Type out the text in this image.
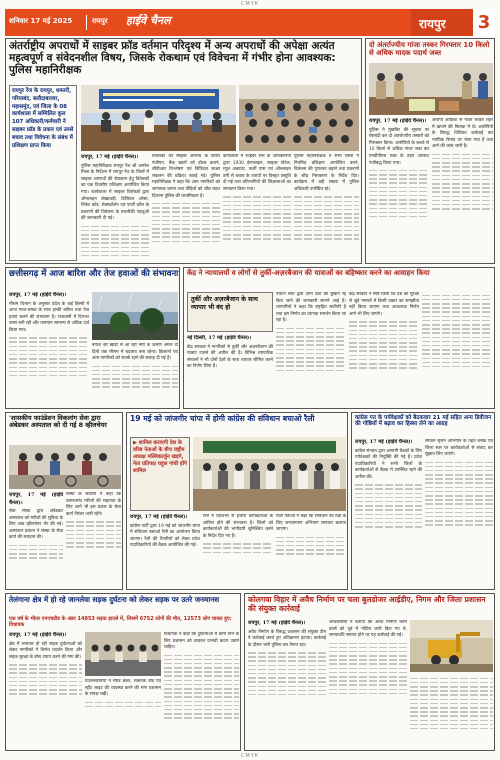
CMYK
शनिवार 17 मई 2025	रायपुर हाईवे चैनल	रायपुर 3
अंतर्राष्ट्रीय अपराधों में साइबर फ्रॉड वर्तमान परिदृश्य में अन्य अपराधों की अपेक्षा अत्यंत महत्वपूर्ण व संवेदनशील विषय, जिसके रोकथाम एवं विवेचना में गंभीर होना आवश्यक: पुलिस महानिरीक्षक
रायपुर रेंज के रायपुर, धमतरी, गरियाबंद, बलौदाबाजार, महासमुंद, एवं जिला के 08 कार्यशाला में सम्मिलित कुल 107 अधिकारी/कर्मचारी ने साइबर फ्रॉड के प्रकार एवं उनसे बचाव तथा विवेचना के संबंध में प्रशिक्षण प्राप्त किया
रायपुर, 17 मई (हाईवे चैनल)।
पुलिस महानिरीक्षक रायपुर रेंज श्री अमरेश मिश्रा के निर्देशन में रायपुर रेंज के जिलों में साइबर अपराधों की रोकथाम हेतु विवेचकों का एक दिवसीय प्रशिक्षण आयोजित किया गया। कार्यशाला में साइबर विशेषज्ञों द्वारा ऑनलाइन धोखाधड़ी, डिजिटल अरेस्ट, निवेश फ्रॉड, सेक्सटॉर्शन एवं फर्जी कॉल के प्रकरणों की विवेचना के तकनीकी पहलुओं की जानकारी दी गई।
विवेचकों को साइबर अपराध के त्वरित पंजीयन, बैंक खातों को होल्ड कराने, सीडीआर विश्लेषण एवं डिजिटल साक्ष्य संकलन की प्रक्रिया बताई गई। पुलिस महानिरीक्षक ने कहा कि आम नागरिकों को जागरूक करना तथा पीड़ितों को शीघ्र राहत दिलाना पुलिस की प्राथमिकता है।
कार्यशाला में साइबर सेल के अधिकारियों द्वारा 1930 हेल्पलाइन, साइबर पोर्टल, म्यूल अकाउंट, फर्जी एप्स एवं ऑनलाइन ठगी से बचाव के उपायों पर विस्तृत प्रस्तुति दी गई तथा प्रतिभागियों की जिज्ञासाओं का समाधान किया गया।
पुलिस महानिरीक्षक ने सभी जिलों में नियमित प्रशिक्षण आयोजित करने, विवेचना की गुणवत्ता बढ़ाने तथा प्रकरणों के शीघ्र निराकरण के निर्देश दिए। कार्यक्रम में बड़ी संख्या में पुलिस अधिकारी उपस्थित रहे।
दो अंतर्राज्यीय गांजा तस्कर गिरफ्तार 10 किलो से अधिक मादक पदार्थ जब्त
रायपुर, 17 मई (हाईवे चैनल)।
पुलिस ने मुखबिर की सूचना पर घेराबंदी कर दो अंतर्राज्यीय तस्करों को गिरफ्तार किया। आरोपियों के कब्जे से 10 किलो से अधिक गांजा जब्त कर एनडीपीएस एक्ट के तहत अपराध पंजीबद्ध किया गया।
आरोपी ओडिशा से गांजा लाकर शहर में खपाने की फिराक में थे। आरोपियों के विरुद्ध विधिवत कार्रवाई कर न्यायिक रिमांड पर भेजा गया है तथा आगे की जांच जारी है।
छत्तीसगढ़ में आज बारिश और तेज हवाओं की संभावना
रायपुर, 17 मई (हाईवे चैनल)।
मौसम विभाग के अनुसार प्रदेश के कई हिस्सों में आज गरज-चमक के साथ हल्की बारिश तथा तेज हवाएं चलने की संभावना है। राजधानी में दिनभर उमस बनी रही और तापमान सामान्य से अधिक दर्ज किया गया।
बंगाल की खाड़ी से आ रही नमी के कारण अगले दो दिनों तक मौसम में बदलाव बना रहेगा। किसानों एवं आम नागरिकों को सतर्क रहने की सलाह दी गई है।
केंद्र ने न्यायालयों व लोगों से तुर्की-अज़रबैजान की यात्राओं का बहिष्कार करने का आवाहन किया
तुर्की और अज़रबैजान के साथ व्यापार भी बंद हो
नई दिल्ली, 17 मई (हाईवे चैनल)।
केंद्र सरकार ने नागरिकों से तुर्की और अज़रबैजान की यात्राएं टालने की अपील की है। विभिन्न व्यापारिक संगठनों ने भी दोनों देशों के साथ व्यापार सीमित करने का निर्णय लिया है।
पर्यटन संघों द्वारा दोनों देशों की बुकिंग रद्द किए जाने की जानकारी सामने आई है। व्यापारियों ने कहा कि राष्ट्रहित सर्वोपरि है तथा इस निर्णय का व्यापक समर्थन किया जा रहा है।
केंद्र सरकार ने स्पष्ट किया कि देश की सुरक्षा से जुड़े मामलों में किसी प्रकार का समझौता नहीं किया जाएगा तथा आवश्यक निर्णय आगे भी लिए जाएंगे।
'शासकीय फाउंडेशन विकलांग सेवा द्वारा अंबेडकर अस्पताल को दी गई 8 व्हीलचेयर
रायपुर, 17 मई (हाईवे चैनल)।
सेवा संस्था द्वारा अंबेडकर अस्पताल को मरीजों की सुविधा के लिए आठ व्हीलचेयर भेंट की गई। अस्पताल प्रबंधन ने संस्था के सेवा कार्य की सराहना की।
संस्था के सदस्यों ने कहा कि जरूरतमंद मरीजों की सहायता के लिए आगे भी इस प्रकार के सेवा कार्य निरंतर जारी रहेंगे।
19 मई को जांजगीर चांपा में होगी कांग्रेस की संविधान बचाओ रैली
▶ शामिल कराएगी देश के वरिष्ठ नेताओं के बीच राष्ट्रीय अध्यक्ष मल्लिकार्जुन खड़गे, नेता प्रतिपक्ष राहुल गांधी होंगे शामिल
रायपुर, 17 मई (हाईवे चैनल)।
कांग्रेस पार्टी द्वारा 19 मई को जांजगीर चांपा में संविधान बचाओ रैली का आयोजन किया जाएगा। रैली की तैयारियों को लेकर प्रदेश पदाधिकारियों की बैठक आयोजित की गई।
रैली में प्रदेशभर से हजारों कार्यकर्ताओं के शामिल होने की संभावना है। जिलों को कार्यकर्ताओं की भागीदारी सुनिश्चित करने के निर्देश दिए गए हैं।
पार्टी नेताओं ने कहा कि संविधान की रक्षा के लिए जनजागरण अभियान लगातार चलाया जाएगा।
कांग्रेस गत के पर्यवेक्षकों को बैठकवार 21 मई सहित अन्य डिवीजन की गोष्ठियों में बढ़ाव कर हिस्सा लेने का आग्रह
रायपुर, 17 मई (हाईवे चैनल)।
कांग्रेस संगठन द्वारा आगामी बैठकों के लिए पर्यवेक्षकों की नियुक्ति की गई है। प्रदेश पदाधिकारियों ने सभी जिलों के कार्यकर्ताओं से बैठक में उपस्थित रहने की अपील की।
संगठन सृजन अभियान के तहत ब्लॉक एवं जिला स्तर पर कार्यकर्ताओं से संवाद कर सुझाव लिए जाएंगे।
तेलंगाना क्षेत्र में हो रहे जानलेवा सड़क दुर्घटना को लेकर सड़क पर उतरे जनमानस
एक वर्ष के भीतर एनएचडीड के अंडर 14853 सड़क हादसे में, जिसमें 6752 लोगों की मौत, 12573 लोग घायल हुए: विधायक
रायपुर, 17 मई (हाईवे चैनल)।
क्षेत्र में लगातार हो रही सड़क दुर्घटनाओं को लेकर नागरिकों ने विरोध प्रदर्शन किया और सड़क सुरक्षा के ठोस उपाय करने की मांग की।
प्रदर्शनकारियों ने स्पीड ब्रेकर, संकेतक बोर्ड एवं स्ट्रीट लाइट की व्यवस्था करने की मांग प्रशासन के समक्ष रखी।
विधायक ने कहा कि दुर्घटनाओं में कमी लाने के लिए प्रशासन को तत्काल प्रभावी कदम उठाने चाहिए।
कोलगवा विहार में अवैध निर्माण पर चला बुलडोजर आईडीए, निगम और जिला प्रशासन की संयुक्त कार्रवाई
रायपुर, 17 मई (हाईवे चैनल)।
अवैध निर्माण के विरुद्ध प्रशासन की संयुक्त टीम ने कार्रवाई करते हुए अतिक्रमण हटाया। कार्रवाई के दौरान भारी पुलिस बल तैनात रहा।
अधिकारियों ने बताया कि अवैध निर्माण करने वालों को पूर्व में नोटिस जारी किए गए थे, समयावधि समाप्त होने पर यह कार्रवाई की गई।
CMYK
